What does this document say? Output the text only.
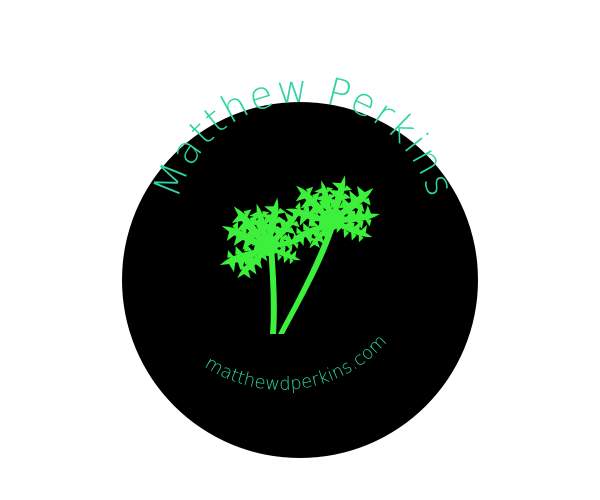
Matthew Perkins
matthewdperkins.com
